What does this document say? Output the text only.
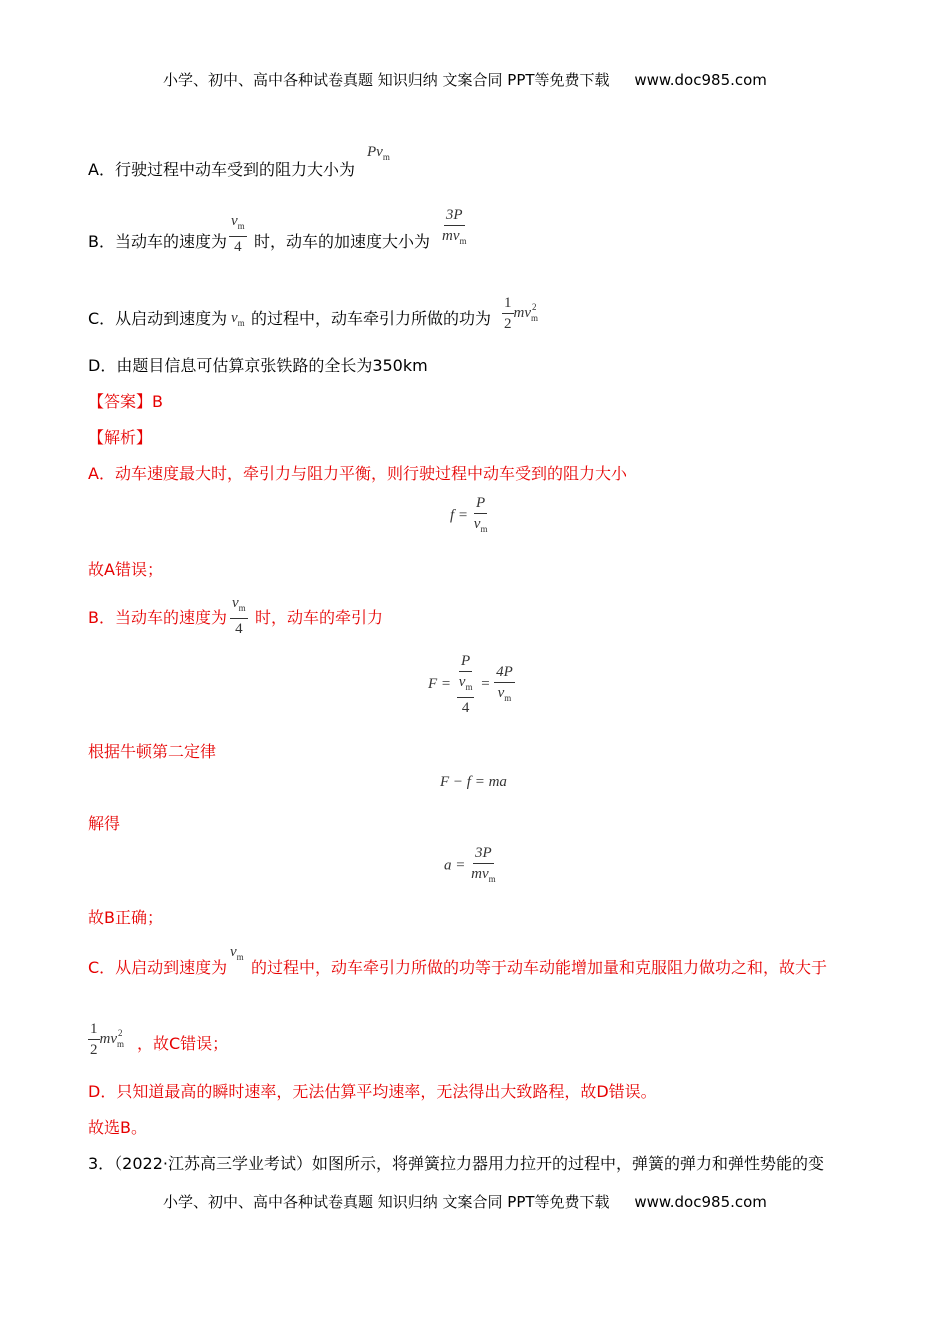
小学、初中、高中各种试卷真题 知识归纳 文案合同 PPT等免费下载 www.doc985.com
A．行驶过程中动车受到的阻力大小为
$Pv_m$
B．当动车的速度为 $\frac{v_m}{4}$ 时，动车的加速度大小为 $\frac{3P}{mv_m}$
C．从启动到速度为 $v_m$ 的过程中，动车牵引力所做的功为 $\frac{1}{2} mv_m^2$
D．由题目信息可估算京张铁路的全长为350km
【答案】B
【解析】
A．动车速度最大时，牵引力与阻力平衡，则行驶过程中动车受到的阻力大小
$f = \frac{P}{v_m}$
故A错误；
B．当动车的速度为 $\frac{v_m}{4}$ 时，动车的牵引力
$F = \frac{P}{\frac{v_m}{4}} = \frac{4P}{v_m}$
根据牛顿第二定律
F − f = ma
解得
$a = \frac{3P}{mv_m}$
故B正确；
C．从启动到速度为
$v_m$
的过程中，动车牵引力所做的功等于动车动能增加量和克服阻力做功之和，故大于
$\frac{1}{2} mv_m^2$
，故C错误；
D．只知道最高的瞬时速率，无法估算平均速率，无法得出大致路程，故D错误。
故选B。
3．（2022·江苏高三学业考试）如图所示，将弹簧拉力器用力拉开的过程中，弹簧的弹力和弹性势能的变
小学、初中、高中各种试卷真题 知识归纳 文案合同 PPT等免费下载 www.doc985.com
